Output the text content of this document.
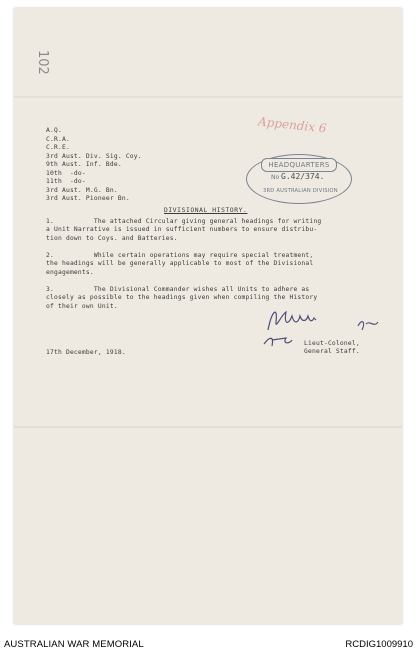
102
Appendix 6
A.Q.
C.R.A.
C.R.E.
3rd Aust. Div. Sig. Coy.
9th Aust. Inf. Bde.
10th  -do-
11th  -do-
3rd Aust. M.G. Bn.
3rd Aust. Pioneer Bn.
HEADQUARTERS
No G.42/374.
3RD AUSTRALIAN DIVISION
DIVISIONAL HISTORY.
1.          The attached Circular giving general headings for writing
a Unit Narrative is issued in sufficient numbers to ensure distribu-
tion down to Coys. and Batteries.
2.          While certain operations may require special treatment,
the headings will be generally applicable to most of the Divisional
engagements.
3.          The Divisional Commander wishes all Units to adhere as
closely as possible to the headings given when compiling the History
of their own Unit.
Lieut-Colonel,
General Staff.
17th December, 1918.
AUSTRALIAN WAR MEMORIAL	RCDIG1009910
